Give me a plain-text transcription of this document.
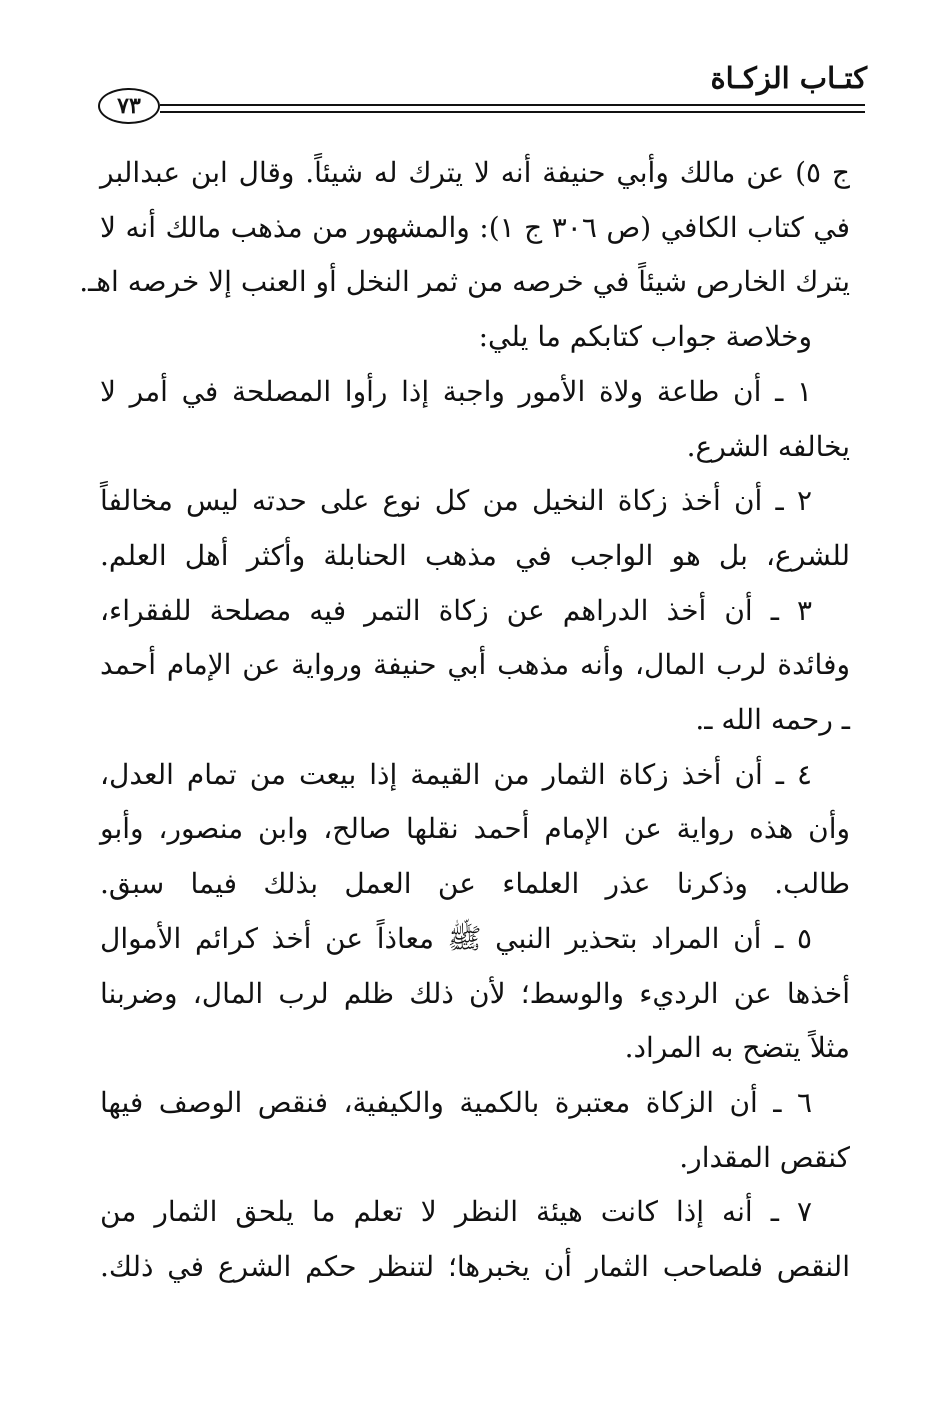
كتـاب الزكـاة
٧٣
ج ٥) عن مالك وأبي حنيفة أنه لا يترك له شيئاً. وقال ابن عبدالبر
في كتاب الكافي (ص ٣٠٦ ج ١): والمشهور من مذهب مالك أنه لا
يترك الخارص شيئاً في خرصه من ثمر النخل أو العنب إلا خرصه اهـ.
وخلاصة جواب كتابكم ما يلي:
١ ـ أن طاعة ولاة الأمور واجبة إذا رأوا المصلحة في أمر لا
يخالفه الشرع.
٢ ـ أن أخذ زكاة النخيل من كل نوع على حدته ليس مخالفاً
للشرع، بل هو الواجب في مذهب الحنابلة وأكثر أهل العلم.
٣ ـ أن أخذ الدراهم عن زكاة التمر فيه مصلحة للفقراء،
وفائدة لرب المال، وأنه مذهب أبي حنيفة ورواية عن الإمام أحمد
ـ رحمه الله ـ.
٤ ـ أن أخذ زكاة الثمار من القيمة إذا بيعت من تمام العدل،
وأن هذه رواية عن الإمام أحمد نقلها صالح، وابن منصور، وأبو
طالب. وذكرنا عذر العلماء عن العمل بذلك فيما سبق.
٥ ـ أن المراد بتحذير النبي ﷺ معاذاً عن أخذ كرائم الأموال
أخذها عن الرديء والوسط؛ لأن ذلك ظلم لرب المال، وضربنا
مثلاً يتضح به المراد.
٦ ـ أن الزكاة معتبرة بالكمية والكيفية، فنقص الوصف فيها
كنقص المقدار.
٧ ـ أنه إذا كانت هيئة النظر لا تعلم ما يلحق الثمار من
النقص فلصاحب الثمار أن يخبرها؛ لتنظر حكم الشرع في ذلك.
